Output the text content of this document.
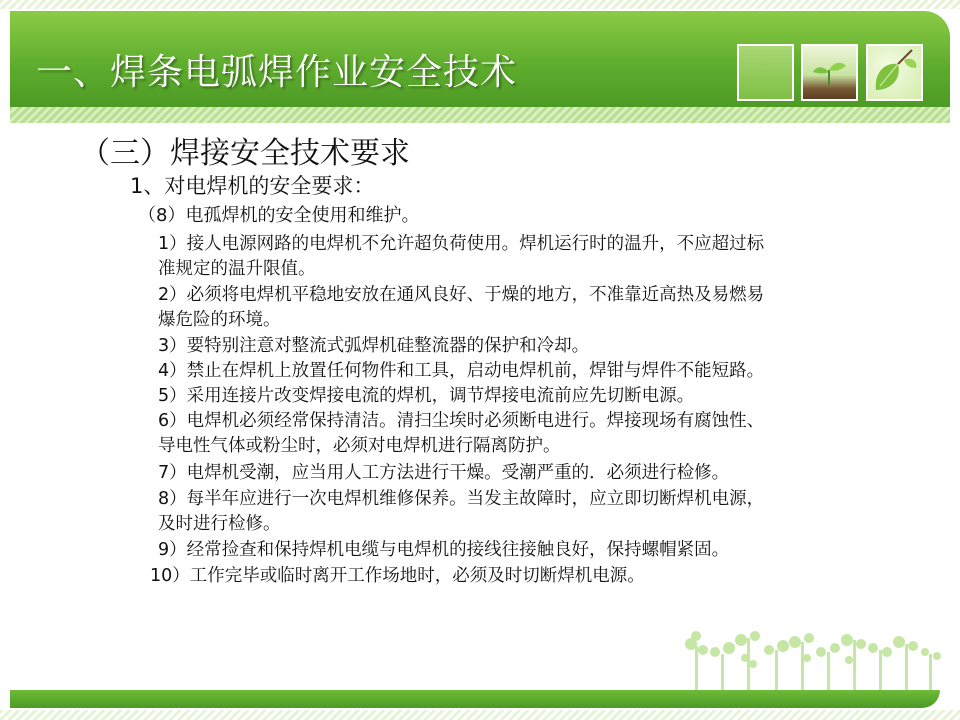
一、焊条电弧焊作业安全技术
（三）焊接安全技术要求
1、对电焊机的安全要求：
（8）电孤焊机的安全使用和维护。
1）接人电源网路的电焊机不允许超负荷使用。焊机运行时的温升，不应超过标
准规定的温升限值。
2）必须将电焊机平稳地安放在通风良好、于燥的地方，不准靠近高热及易燃易
爆危险的环境。
3）要特别注意对整流式弧焊机硅整流器的保护和冷却。
4）禁止在焊机上放置任何物件和工具，启动电焊机前，焊钳与焊件不能短路。
5）采用连接片改变焊接电流的焊机，调节焊接电流前应先切断电源。
6）电焊机必须经常保持清洁。清扫尘埃时必须断电进行。焊接现场有腐蚀性、
导电性气体或粉尘时，必须对电焊机进行隔离防护。
7）电焊机受潮，应当用人工方法进行干燥。受潮严重的．必须进行检修。
8）每半年应进行一次电焊机维修保养。当发主故障时，应立即切断焊机电源，
及时进行检修。
9）经常捡查和保持焊机电缆与电焊机的接线往接触良好，保持螺帽紧固。
10）工作完毕或临时离开工作场地时，必须及时切断焊机电源。
